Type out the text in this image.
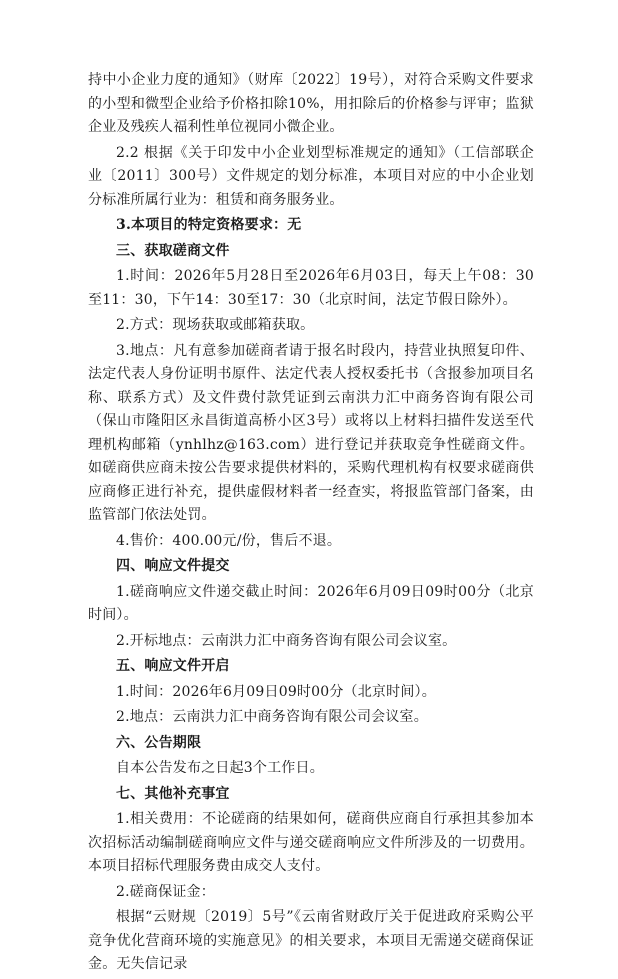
持中小企业力度的通知》（财库〔2022〕19号），对符合采购文件要求的小型和微型企业给予价格扣除10%，用扣除后的价格参与评审；监狱企业及残疾人福利性单位视同小微企业。

2.2 根据《关于印发中小企业划型标准规定的通知》（工信部联企业〔2011〕300号）文件规定的划分标准，本项目对应的中小企业划分标准所属行业为：租赁和商务服务业。

3.本项目的特定资格要求：无

三、获取磋商文件

1.时间：2026年5月28日至2026年6月03日，每天上午08：30至11：30，下午14：30至17：30（北京时间，法定节假日除外）。

2.方式：现场获取或邮箱获取。

3.地点：凡有意参加磋商者请于报名时段内，持营业执照复印件、法定代表人身份证明书原件、法定代表人授权委托书（含报参加项目名称、联系方式）及文件费付款凭证到云南洪力汇中商务咨询有限公司（保山市隆阳区永昌街道高桥小区3号）或将以上材料扫描件发送至代理机构邮箱（ynhlhz@163.com）进行登记并获取竞争性磋商文件。如磋商供应商未按公告要求提供材料的，采购代理机构有权要求磋商供应商修正进行补充，提供虚假材料者一经查实，将报监管部门备案，由监管部门依法处罚。

4.售价：400.00元/份，售后不退。

四、响应文件提交

1.磋商响应文件递交截止时间：2026年6月09日09时00分（北京时间）。

2.开标地点：云南洪力汇中商务咨询有限公司会议室。

五、响应文件开启

1.时间：2026年6月09日09时00分（北京时间）。

2.地点：云南洪力汇中商务咨询有限公司会议室。

六、公告期限

自本公告发布之日起3个工作日。

七、其他补充事宜

1.相关费用：不论磋商的结果如何，磋商供应商自行承担其参加本次招标活动编制磋商响应文件与递交磋商响应文件所涉及的一切费用。本项目招标代理服务费由成交人支付。

2.磋商保证金：

根据“云财规〔2019〕5号”《云南省财政厅关于促进政府采购公平竞争优化营商环境的实施意见》的相关要求，本项目无需递交磋商保证金。无失信记录
